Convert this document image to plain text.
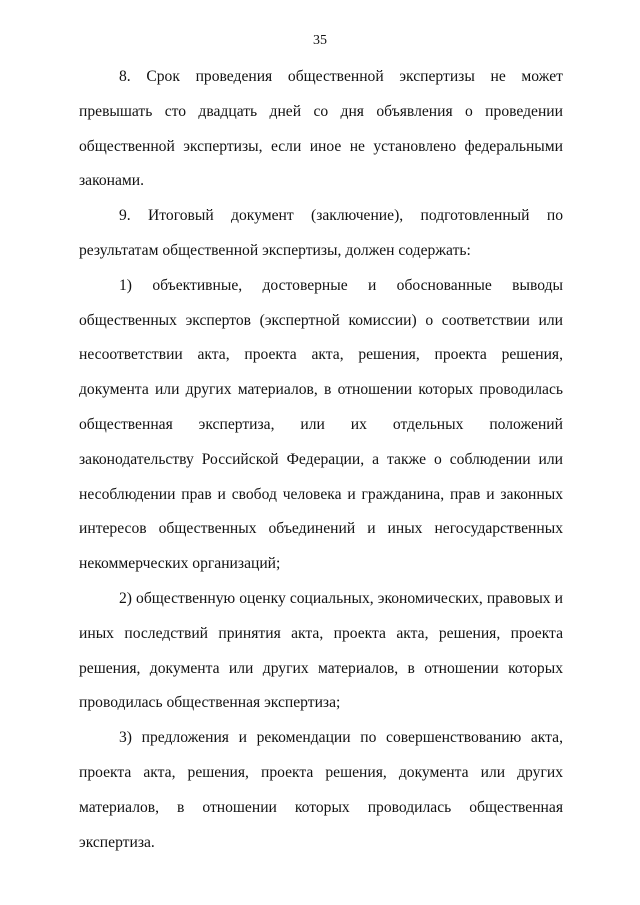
35

8. Срок проведения общественной экспертизы не может превышать сто двадцать дней со дня объявления о проведении общественной экспертизы, если иное не установлено федеральными законами.

9. Итоговый документ (заключение), подготовленный по результатам общественной экспертизы, должен содержать:

1) объективные, достоверные и обоснованные выводы общественных экспертов (экспертной комиссии) о соответствии или несоответствии акта, проекта акта, решения, проекта решения, документа или других материалов, в отношении которых проводилась общественная экспертиза, или их отдельных положений законодательству Российской Федерации, а также о соблюдении или несоблюдении прав и свобод человека и гражданина, прав и законных интересов общественных объединений и иных негосударственных некоммерческих организаций;

2) общественную оценку социальных, экономических, правовых и иных последствий принятия акта, проекта акта, решения, проекта решения, документа или других материалов, в отношении которых проводилась общественная экспертиза;

3) предложения и рекомендации по совершенствованию акта, проекта акта, решения, проекта решения, документа или других материалов, в отношении которых проводилась общественная экспертиза.
